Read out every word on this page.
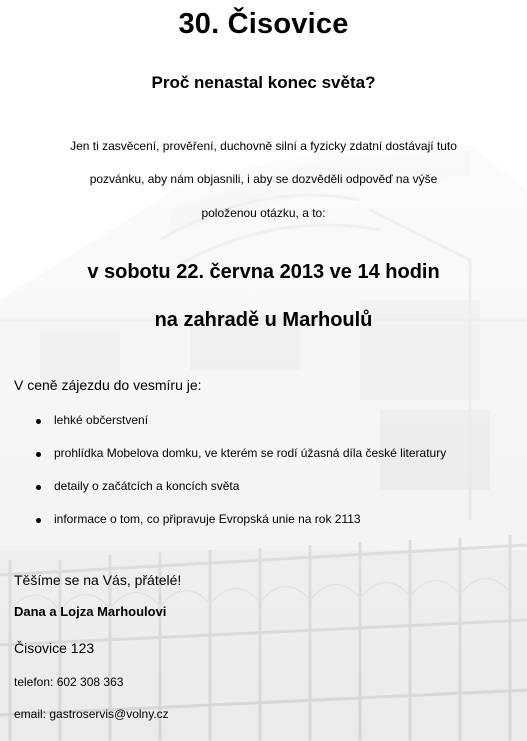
30. Čisovice
Proč nenastal konec světa?
Jen ti zasvěcení, prověření, duchovně silní a fyzicky zdatní dostávají tuto
pozvánku, aby nám objasnili, i aby se dozvěděli odpověď na výše
položenou otázku, a to:
v sobotu 22. června 2013 ve 14 hodin
na zahradě u Marhoulů
V ceně zájezdu do vesmíru je:
lehké občerstvení
prohlídka Mobelova domku, ve kterém se rodí úžasná díla české literatury
detaily o začátcích a koncích světa
informace o tom, co připravuje Evropská unie na rok 2113
Těšíme se na Vás, přátelé!
Dana a Lojza Marhoulovi
Čisovice 123
telefon: 602 308 363
email: gastroservis@volny.cz
